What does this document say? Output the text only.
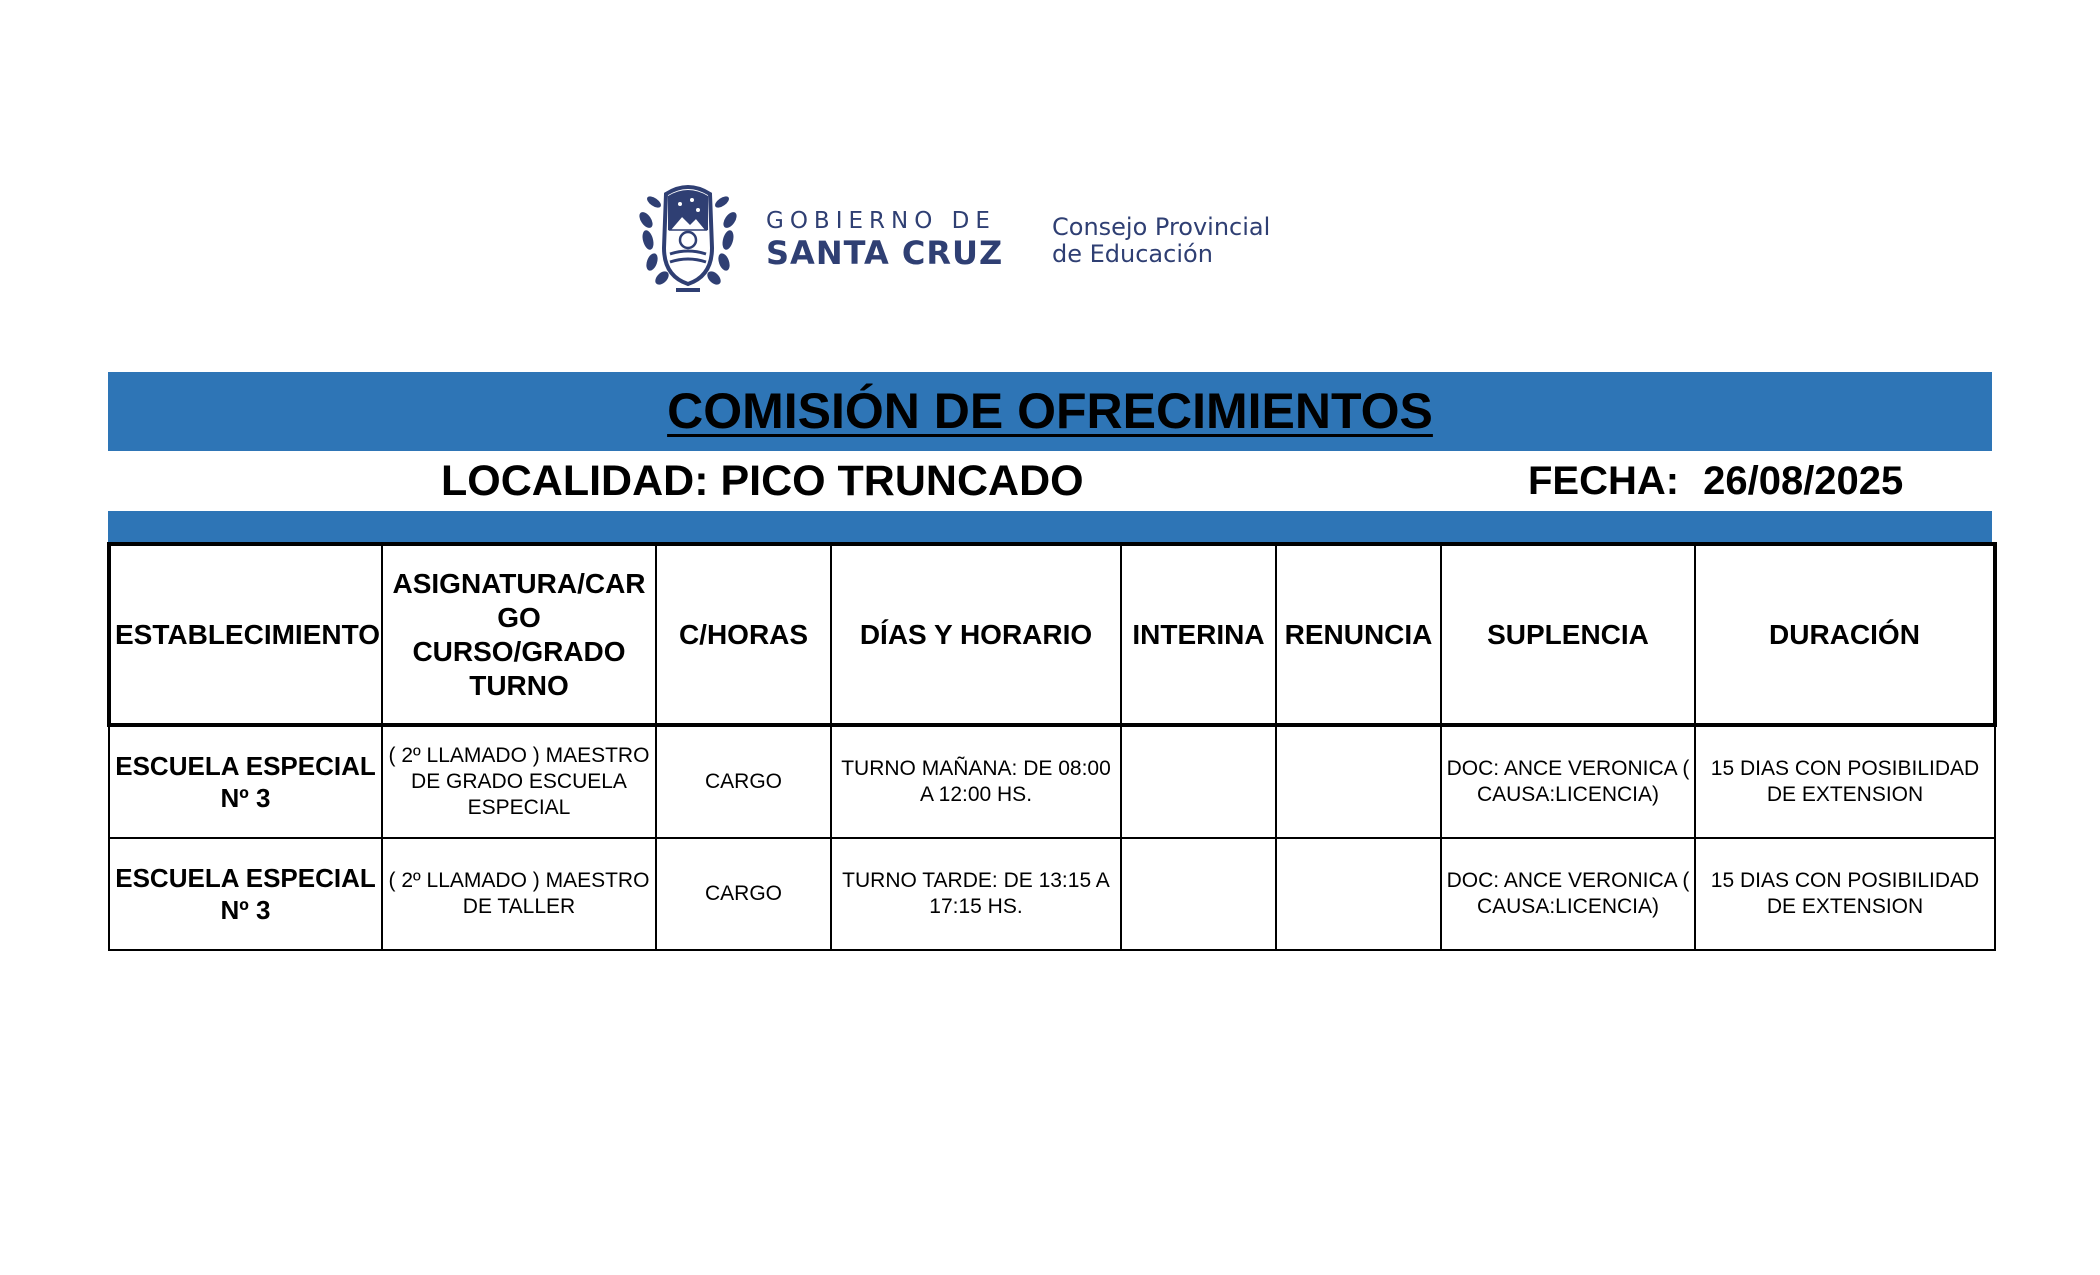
GOBIERNO DE
SANTA CRUZ
Consejo Provincial
de Educación
COMISIÓN DE OFRECIMIENTOS
LOCALIDAD: PICO TRUNCADO	FECHA: 26/08/2025
ESTABLECIMIENTO	ASIGNATURA/CAR GO CURSO/GRADO TURNO	C/HORAS	DÍAS Y HORARIO	INTERINA	RENUNCIA	SUPLENCIA	DURACIÓN
ESCUELA ESPECIAL Nº 3	( 2º LLAMADO ) MAESTRO DE GRADO ESCUELA ESPECIAL	CARGO	TURNO MAÑANA: DE 08:00 A 12:00 HS.			DOC: ANCE VERONICA ( CAUSA:LICENCIA)	15 DIAS CON POSIBILIDAD DE EXTENSION
ESCUELA ESPECIAL Nº 3	( 2º LLAMADO ) MAESTRO DE TALLER	CARGO	TURNO TARDE: DE 13:15 A 17:15 HS.			DOC: ANCE VERONICA ( CAUSA:LICENCIA)	15 DIAS CON POSIBILIDAD DE EXTENSION
